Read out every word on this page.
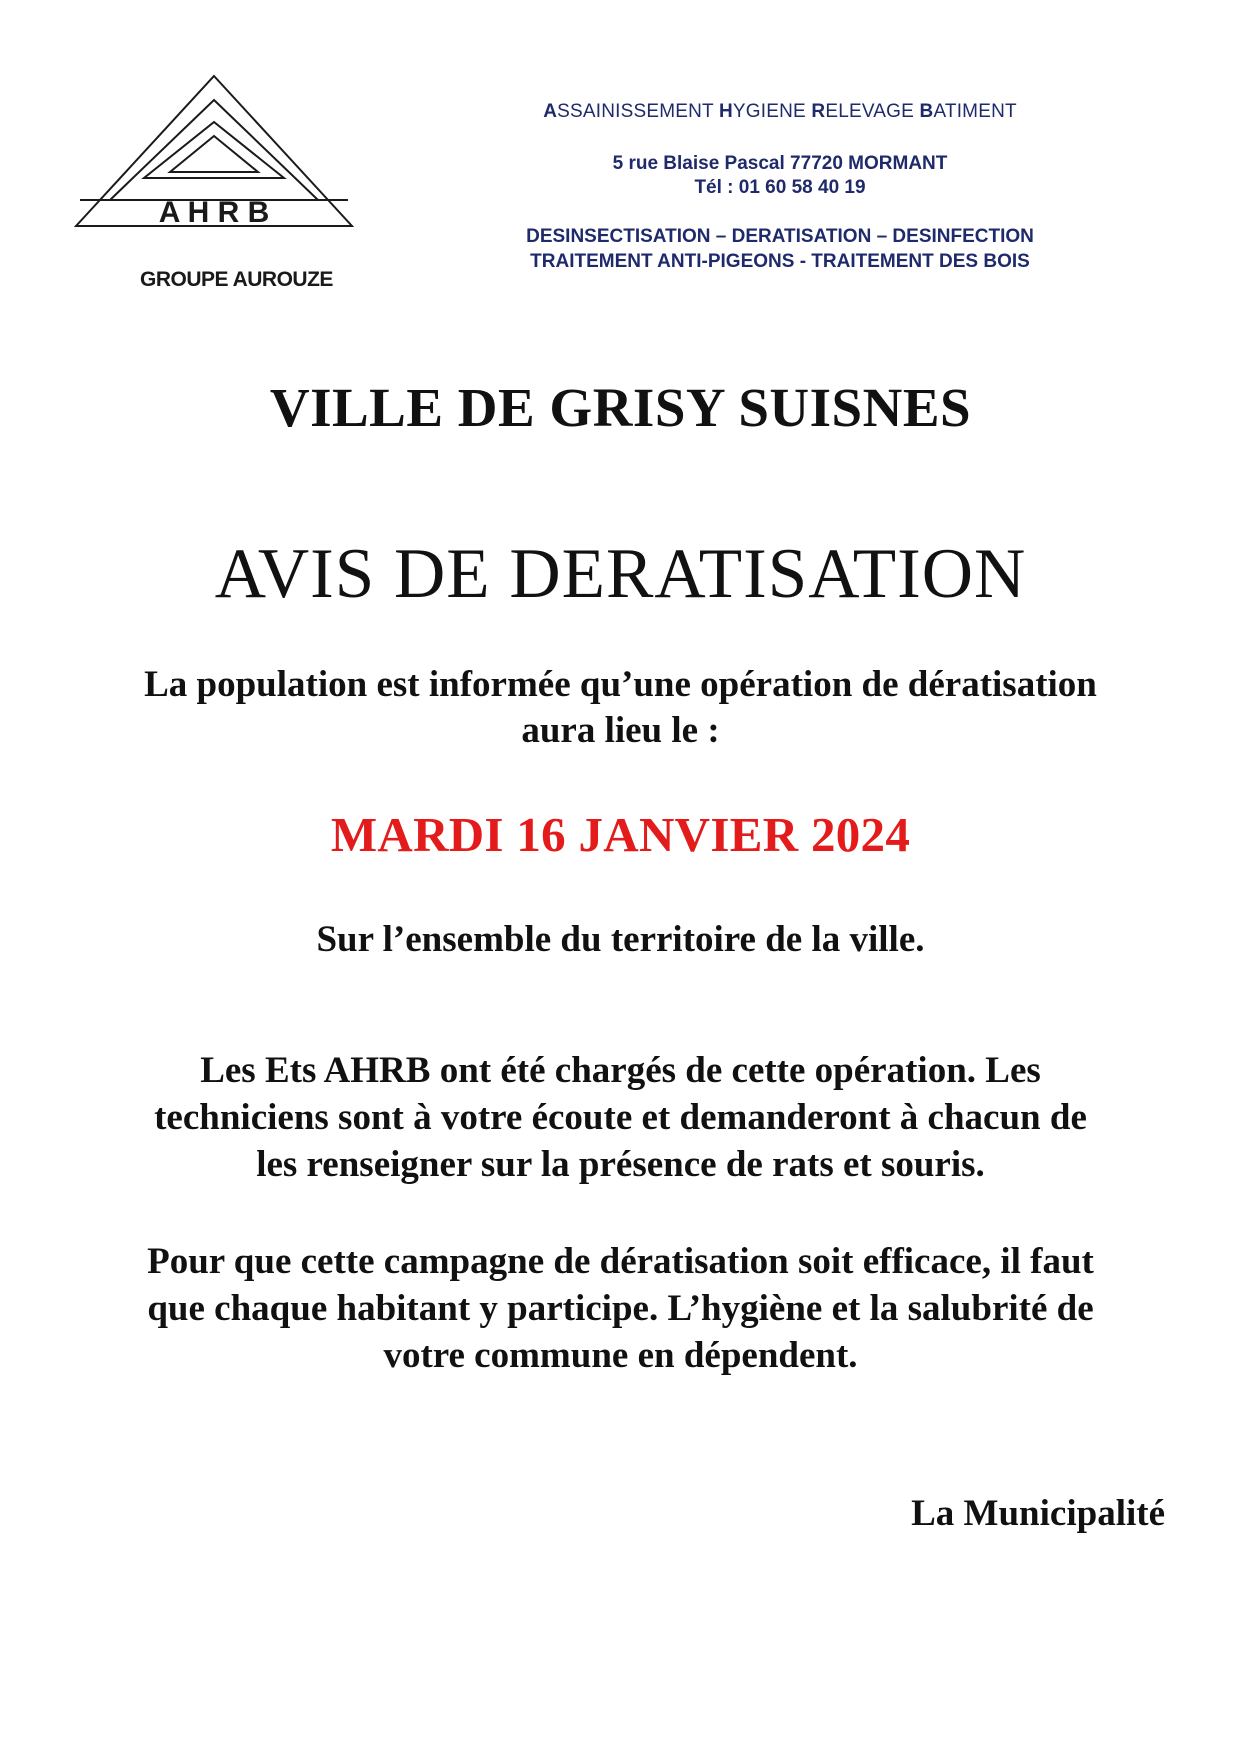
A H R B
GROUPE AUROUZE

ASSAINISSEMENT HYGIENE RELEVAGE BATIMENT

5 rue Blaise Pascal 77720 MORMANT
Tél : 01 60 58 40 19
DESINSECTISATION – DERATISATION – DESINFECTION
TRAITEMENT ANTI-PIGEONS - TRAITEMENT DES BOIS
VILLE DE GRISY SUISNES
AVIS DE DERATISATION
La population est informée qu’une opération de dératisation
aura lieu le :
MARDI 16 JANVIER 2024
Sur l’ensemble du territoire de la ville.
Les Ets AHRB ont été chargés de cette opération. Les
techniciens sont à votre écoute et demanderont à chacun de
les renseigner sur la présence de rats et souris.
Pour que cette campagne de dératisation soit efficace, il faut
que chaque habitant y participe. L’hygiène et la salubrité de
votre commune en dépendent.

La Municipalité
